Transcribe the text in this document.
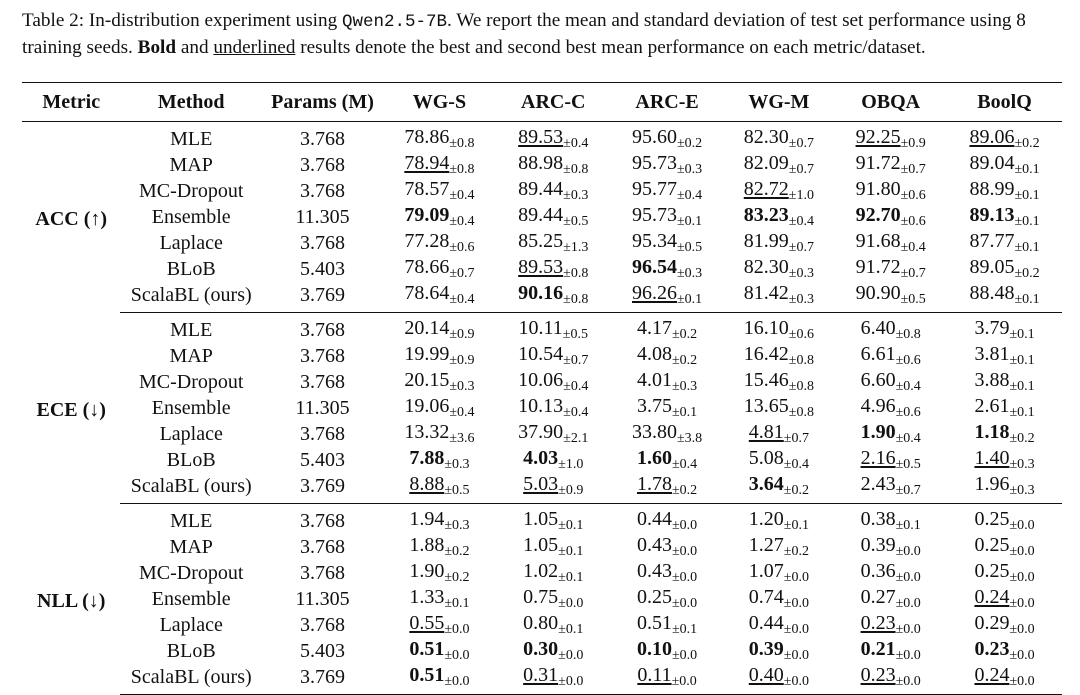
Table 2: In-distribution experiment using Qwen2.5-7B. We report the mean and standard deviation of test set performance using 8 training seeds. Bold and underlined results denote the best and second best mean performance on each metric/dataset.
Metric	Method	Params (M)	WG-S	ARC-C	ARC-E	WG-M	OBQA	BoolQ
ACC (↑)	MLE	3.768	$78.86_{\pm 0.8}$	$89.53_{\pm 0.4}$	$95.60_{\pm 0.2}$	$82.30_{\pm 0.7}$	$92.25_{\pm 0.9}$	$89.06_{\pm 0.2}$
	MAP	3.768	$78.94_{\pm 0.8}$	$88.98_{\pm 0.8}$	$95.73_{\pm 0.3}$	$82.09_{\pm 0.7}$	$91.72_{\pm 0.7}$	$89.04_{\pm 0.1}$
	MC-Dropout	3.768	$78.57_{\pm 0.4}$	$89.44_{\pm 0.3}$	$95.77_{\pm 0.4}$	$82.72_{\pm 1.0}$	$91.80_{\pm 0.6}$	$88.99_{\pm 0.1}$
	Ensemble	11.305	$79.09_{\pm 0.4}$	$89.44_{\pm 0.5}$	$95.73_{\pm 0.1}$	$83.23_{\pm 0.4}$	$92.70_{\pm 0.6}$	$89.13_{\pm 0.1}$
	Laplace	3.768	$77.28_{\pm 0.6}$	$85.25_{\pm 1.3}$	$95.34_{\pm 0.5}$	$81.99_{\pm 0.7}$	$91.68_{\pm 0.4}$	$87.77_{\pm 0.1}$
	BLoB	5.403	$78.66_{\pm 0.7}$	$89.53_{\pm 0.8}$	$96.54_{\pm 0.3}$	$82.30_{\pm 0.3}$	$91.72_{\pm 0.7}$	$89.05_{\pm 0.2}$
	ScalaBL (ours)	3.769	$78.64_{\pm 0.4}$	$90.16_{\pm 0.8}$	$96.26_{\pm 0.1}$	$81.42_{\pm 0.3}$	$90.90_{\pm 0.5}$	$88.48_{\pm 0.1}$
ECE (↓)	MLE	3.768	$20.14_{\pm 0.9}$	$10.11_{\pm 0.5}$	$4.17_{\pm 0.2}$	$16.10_{\pm 0.6}$	$6.40_{\pm 0.8}$	$3.79_{\pm 0.1}$
	MAP	3.768	$19.99_{\pm 0.9}$	$10.54_{\pm 0.7}$	$4.08_{\pm 0.2}$	$16.42_{\pm 0.8}$	$6.61_{\pm 0.6}$	$3.81_{\pm 0.1}$
	MC-Dropout	3.768	$20.15_{\pm 0.3}$	$10.06_{\pm 0.4}$	$4.01_{\pm 0.3}$	$15.46_{\pm 0.8}$	$6.60_{\pm 0.4}$	$3.88_{\pm 0.1}$
	Ensemble	11.305	$19.06_{\pm 0.4}$	$10.13_{\pm 0.4}$	$3.75_{\pm 0.1}$	$13.65_{\pm 0.8}$	$4.96_{\pm 0.6}$	$2.61_{\pm 0.1}$
	Laplace	3.768	$13.32_{\pm 3.6}$	$37.90_{\pm 2.1}$	$33.80_{\pm 3.8}$	$4.81_{\pm 0.7}$	$1.90_{\pm 0.4}$	$1.18_{\pm 0.2}$
	BLoB	5.403	$7.88_{\pm 0.3}$	$4.03_{\pm 1.0}$	$1.60_{\pm 0.4}$	$5.08_{\pm 0.4}$	$2.16_{\pm 0.5}$	$1.40_{\pm 0.3}$
	ScalaBL (ours)	3.769	$8.88_{\pm 0.5}$	$5.03_{\pm 0.9}$	$1.78_{\pm 0.2}$	$3.64_{\pm 0.2}$	$2.43_{\pm 0.7}$	$1.96_{\pm 0.3}$
NLL (↓)	MLE	3.768	$1.94_{\pm 0.3}$	$1.05_{\pm 0.1}$	$0.44_{\pm 0.0}$	$1.20_{\pm 0.1}$	$0.38_{\pm 0.1}$	$0.25_{\pm 0.0}$
	MAP	3.768	$1.88_{\pm 0.2}$	$1.05_{\pm 0.1}$	$0.43_{\pm 0.0}$	$1.27_{\pm 0.2}$	$0.39_{\pm 0.0}$	$0.25_{\pm 0.0}$
	MC-Dropout	3.768	$1.90_{\pm 0.2}$	$1.02_{\pm 0.1}$	$0.43_{\pm 0.0}$	$1.07_{\pm 0.0}$	$0.36_{\pm 0.0}$	$0.25_{\pm 0.0}$
	Ensemble	11.305	$1.33_{\pm 0.1}$	$0.75_{\pm 0.0}$	$0.25_{\pm 0.0}$	$0.74_{\pm 0.0}$	$0.27_{\pm 0.0}$	$0.24_{\pm 0.0}$
	Laplace	3.768	$0.55_{\pm 0.0}$	$0.80_{\pm 0.1}$	$0.51_{\pm 0.1}$	$0.44_{\pm 0.0}$	$0.23_{\pm 0.0}$	$0.29_{\pm 0.0}$
	BLoB	5.403	$0.51_{\pm 0.0}$	$0.30_{\pm 0.0}$	$0.10_{\pm 0.0}$	$0.39_{\pm 0.0}$	$0.21_{\pm 0.0}$	$0.23_{\pm 0.0}$
	ScalaBL (ours)	3.769	$0.51_{\pm 0.0}$	$0.31_{\pm 0.0}$	$0.11_{\pm 0.0}$	$0.40_{\pm 0.0}$	$0.23_{\pm 0.0}$	$0.24_{\pm 0.0}$
